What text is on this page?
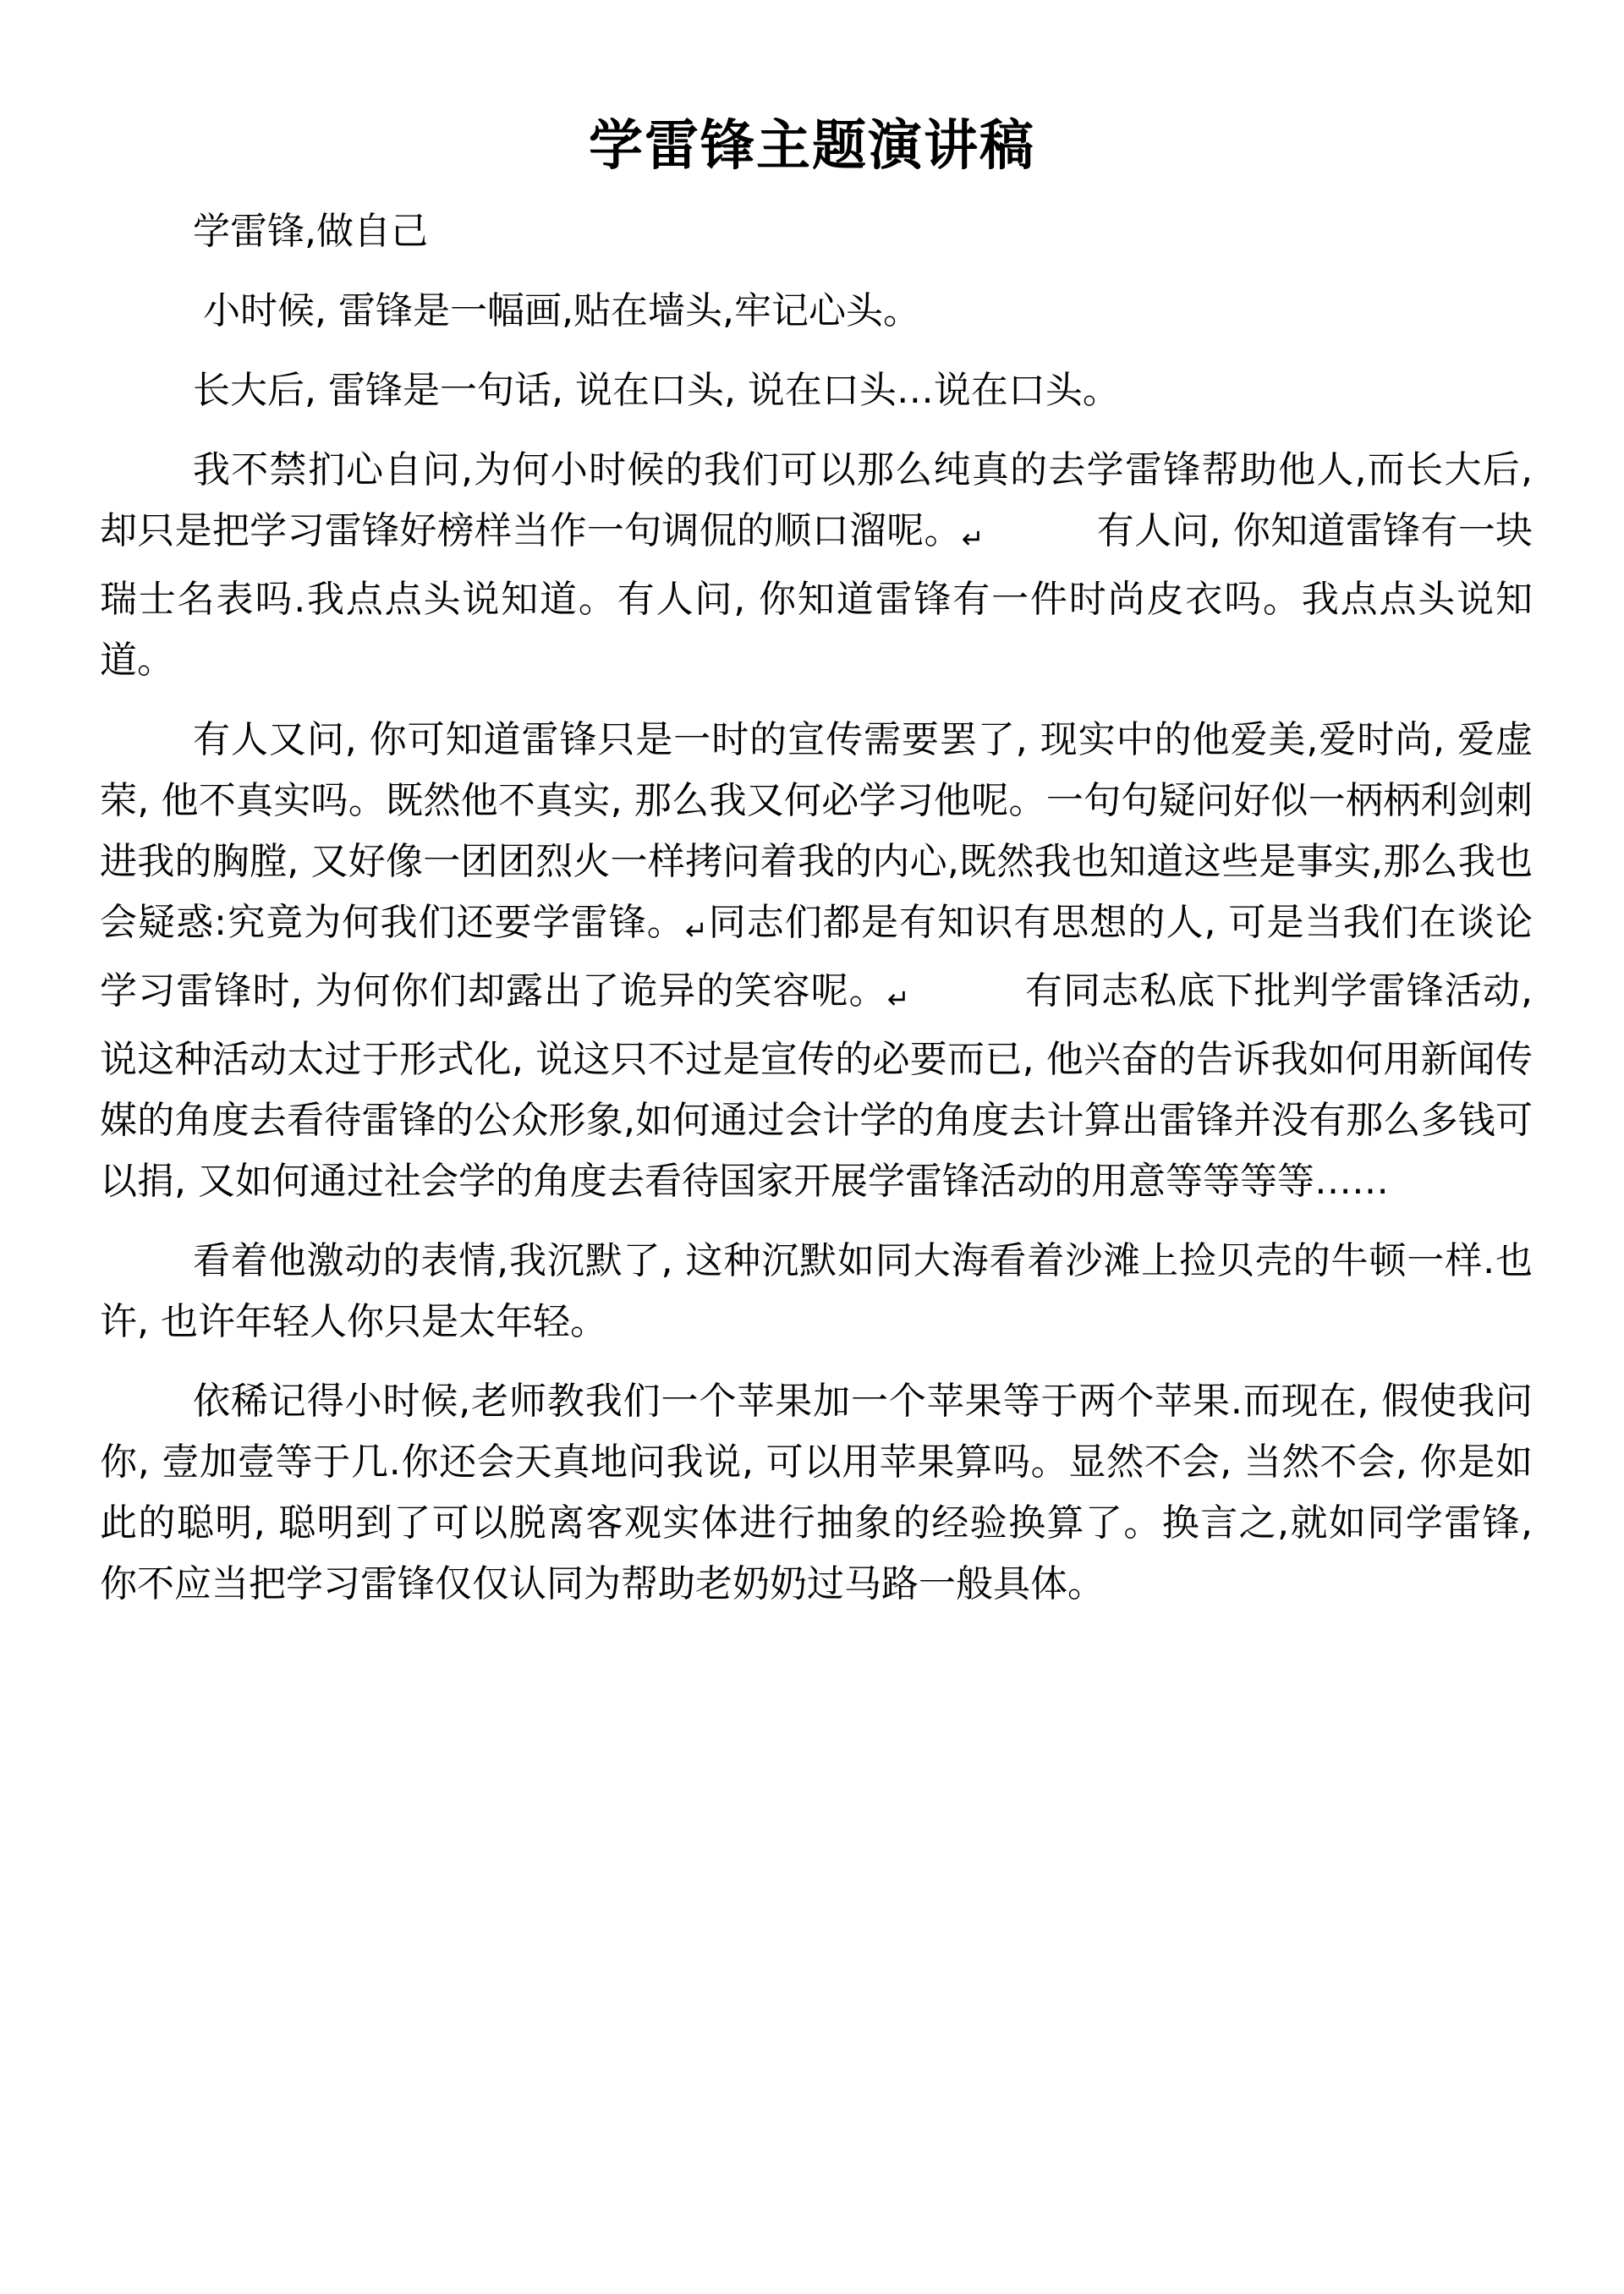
学雷锋主题演讲稿

学雷锋,做自己

小时候, 雷锋是一幅画,贴在墙头,牢记心头。

长大后, 雷锋是一句话, 说在口头, 说在口头…说在口头。

我不禁扪心自问,为何小时候的我们可以那么纯真的去学雷锋帮助他人,而长大后, 却只是把学习雷锋好榜样当作一句调侃的顺口溜呢。↵　　　	有人问, 你知道雷锋有一块瑞士名表吗.我点点头说知道。有人问, 你知道雷锋有一件时尚皮衣吗。我点点头说知道。

有人又问, 你可知道雷锋只是一时的宣传需要罢了, 现实中的他爱美,爱时尚, 爱虚荣, 他不真实吗。既然他不真实, 那么我又何必学习他呢。一句句疑问好似一柄柄利剑刺进我的胸膛, 又好像一团团烈火一样拷问着我的内心,既然我也知道这些是事实,那么我也会疑惑:究竟为何我们还要学雷锋。↵同志们都是有知识有思想的人, 可是当我们在谈论学习雷锋时, 为何你们却露出了诡异的笑容呢。↵　　　	有同志私底下批判学雷锋活动, 说这种活动太过于形式化, 说这只不过是宣传的必要而已, 他兴奋的告诉我如何用新闻传媒的角度去看待雷锋的公众形象,如何通过会计学的角度去计算出雷锋并没有那么多钱可以捐, 又如何通过社会学的角度去看待国家开展学雷锋活动的用意等等等等……

看着他激动的表情,我沉默了, 这种沉默如同大海看着沙滩上捡贝壳的牛顿一样.也许, 也许年轻人你只是太年轻。

依稀记得小时候,老师教我们一个苹果加一个苹果等于两个苹果.而现在, 假使我问你, 壹加壹等于几.你还会天真地问我说, 可以用苹果算吗。显然不会, 当然不会, 你是如此的聪明, 聪明到了可以脱离客观实体进行抽象的经验换算了。换言之,就如同学雷锋, 你不应当把学习雷锋仅仅认同为帮助老奶奶过马路一般具体。
